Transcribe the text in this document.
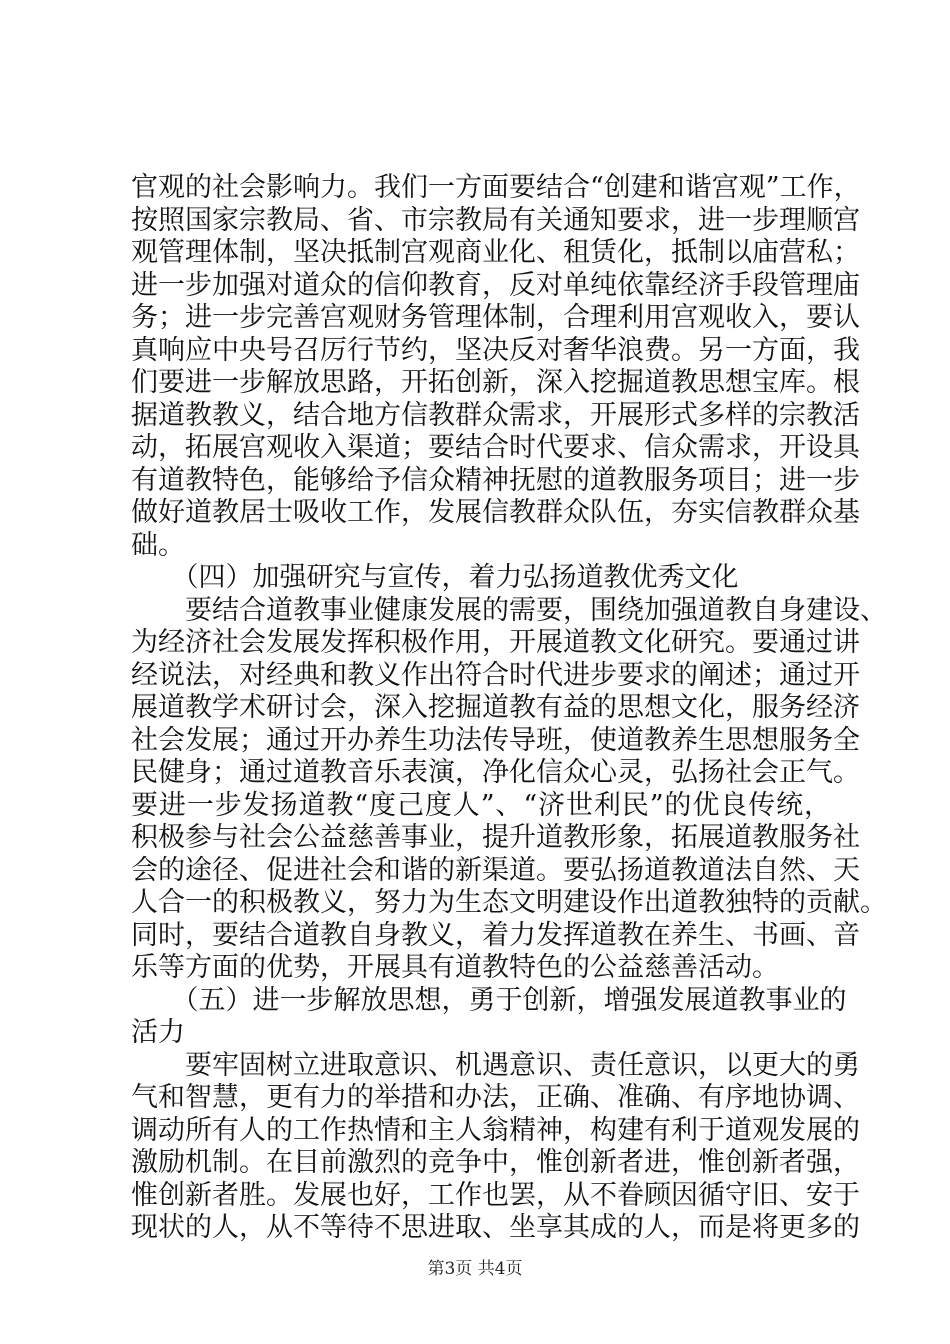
官观的社会影响力。我们一方面要结合“创建和谐宫观”工作，
按照国家宗教局、省、市宗教局有关通知要求，进一步理顺宫
观管理体制，坚决抵制宫观商业化、租赁化，抵制以庙营私；
进一步加强对道众的信仰教育，反对单纯依靠经济手段管理庙
务；进一步完善宫观财务管理体制，合理利用宫观收入，要认
真响应中央号召厉行节约，坚决反对奢华浪费。另一方面，我
们要进一步解放思路，开拓创新，深入挖掘道教思想宝库。根
据道教教义，结合地方信教群众需求，开展形式多样的宗教活
动，拓展宫观收入渠道；要结合时代要求、信众需求，开设具
有道教特色，能够给予信众精神抚慰的道教服务项目；进一步
做好道教居士吸收工作，发展信教群众队伍，夯实信教群众基
础。
　　（四）加强研究与宣传，着力弘扬道教优秀文化
　　要结合道教事业健康发展的需要，围绕加强道教自身建设、
为经济社会发展发挥积极作用，开展道教文化研究。要通过讲
经说法，对经典和教义作出符合时代进步要求的阐述；通过开
展道教学术研讨会，深入挖掘道教有益的思想文化，服务经济
社会发展；通过开办养生功法传导班，使道教养生思想服务全
民健身；通过道教音乐表演，净化信众心灵，弘扬社会正气。
要进一步发扬道教“度己度人”、“济世利民”的优良传统，
积极参与社会公益慈善事业，提升道教形象，拓展道教服务社
会的途径、促进社会和谐的新渠道。要弘扬道教道法自然、天
人合一的积极教义，努力为生态文明建设作出道教独特的贡献。
同时，要结合道教自身教义，着力发挥道教在养生、书画、音
乐等方面的优势，开展具有道教特色的公益慈善活动。
　　（五）进一步解放思想，勇于创新，增强发展道教事业的
活力
　　要牢固树立进取意识、机遇意识、责任意识，以更大的勇
气和智慧，更有力的举措和办法，正确、准确、有序地协调、
调动所有人的工作热情和主人翁精神，构建有利于道观发展的
激励机制。在目前激烈的竞争中，惟创新者进，惟创新者强，
惟创新者胜。发展也好，工作也罢，从不眷顾因循守旧、安于
现状的人，从不等待不思进取、坐享其成的人，而是将更多的
第3页 共4页
